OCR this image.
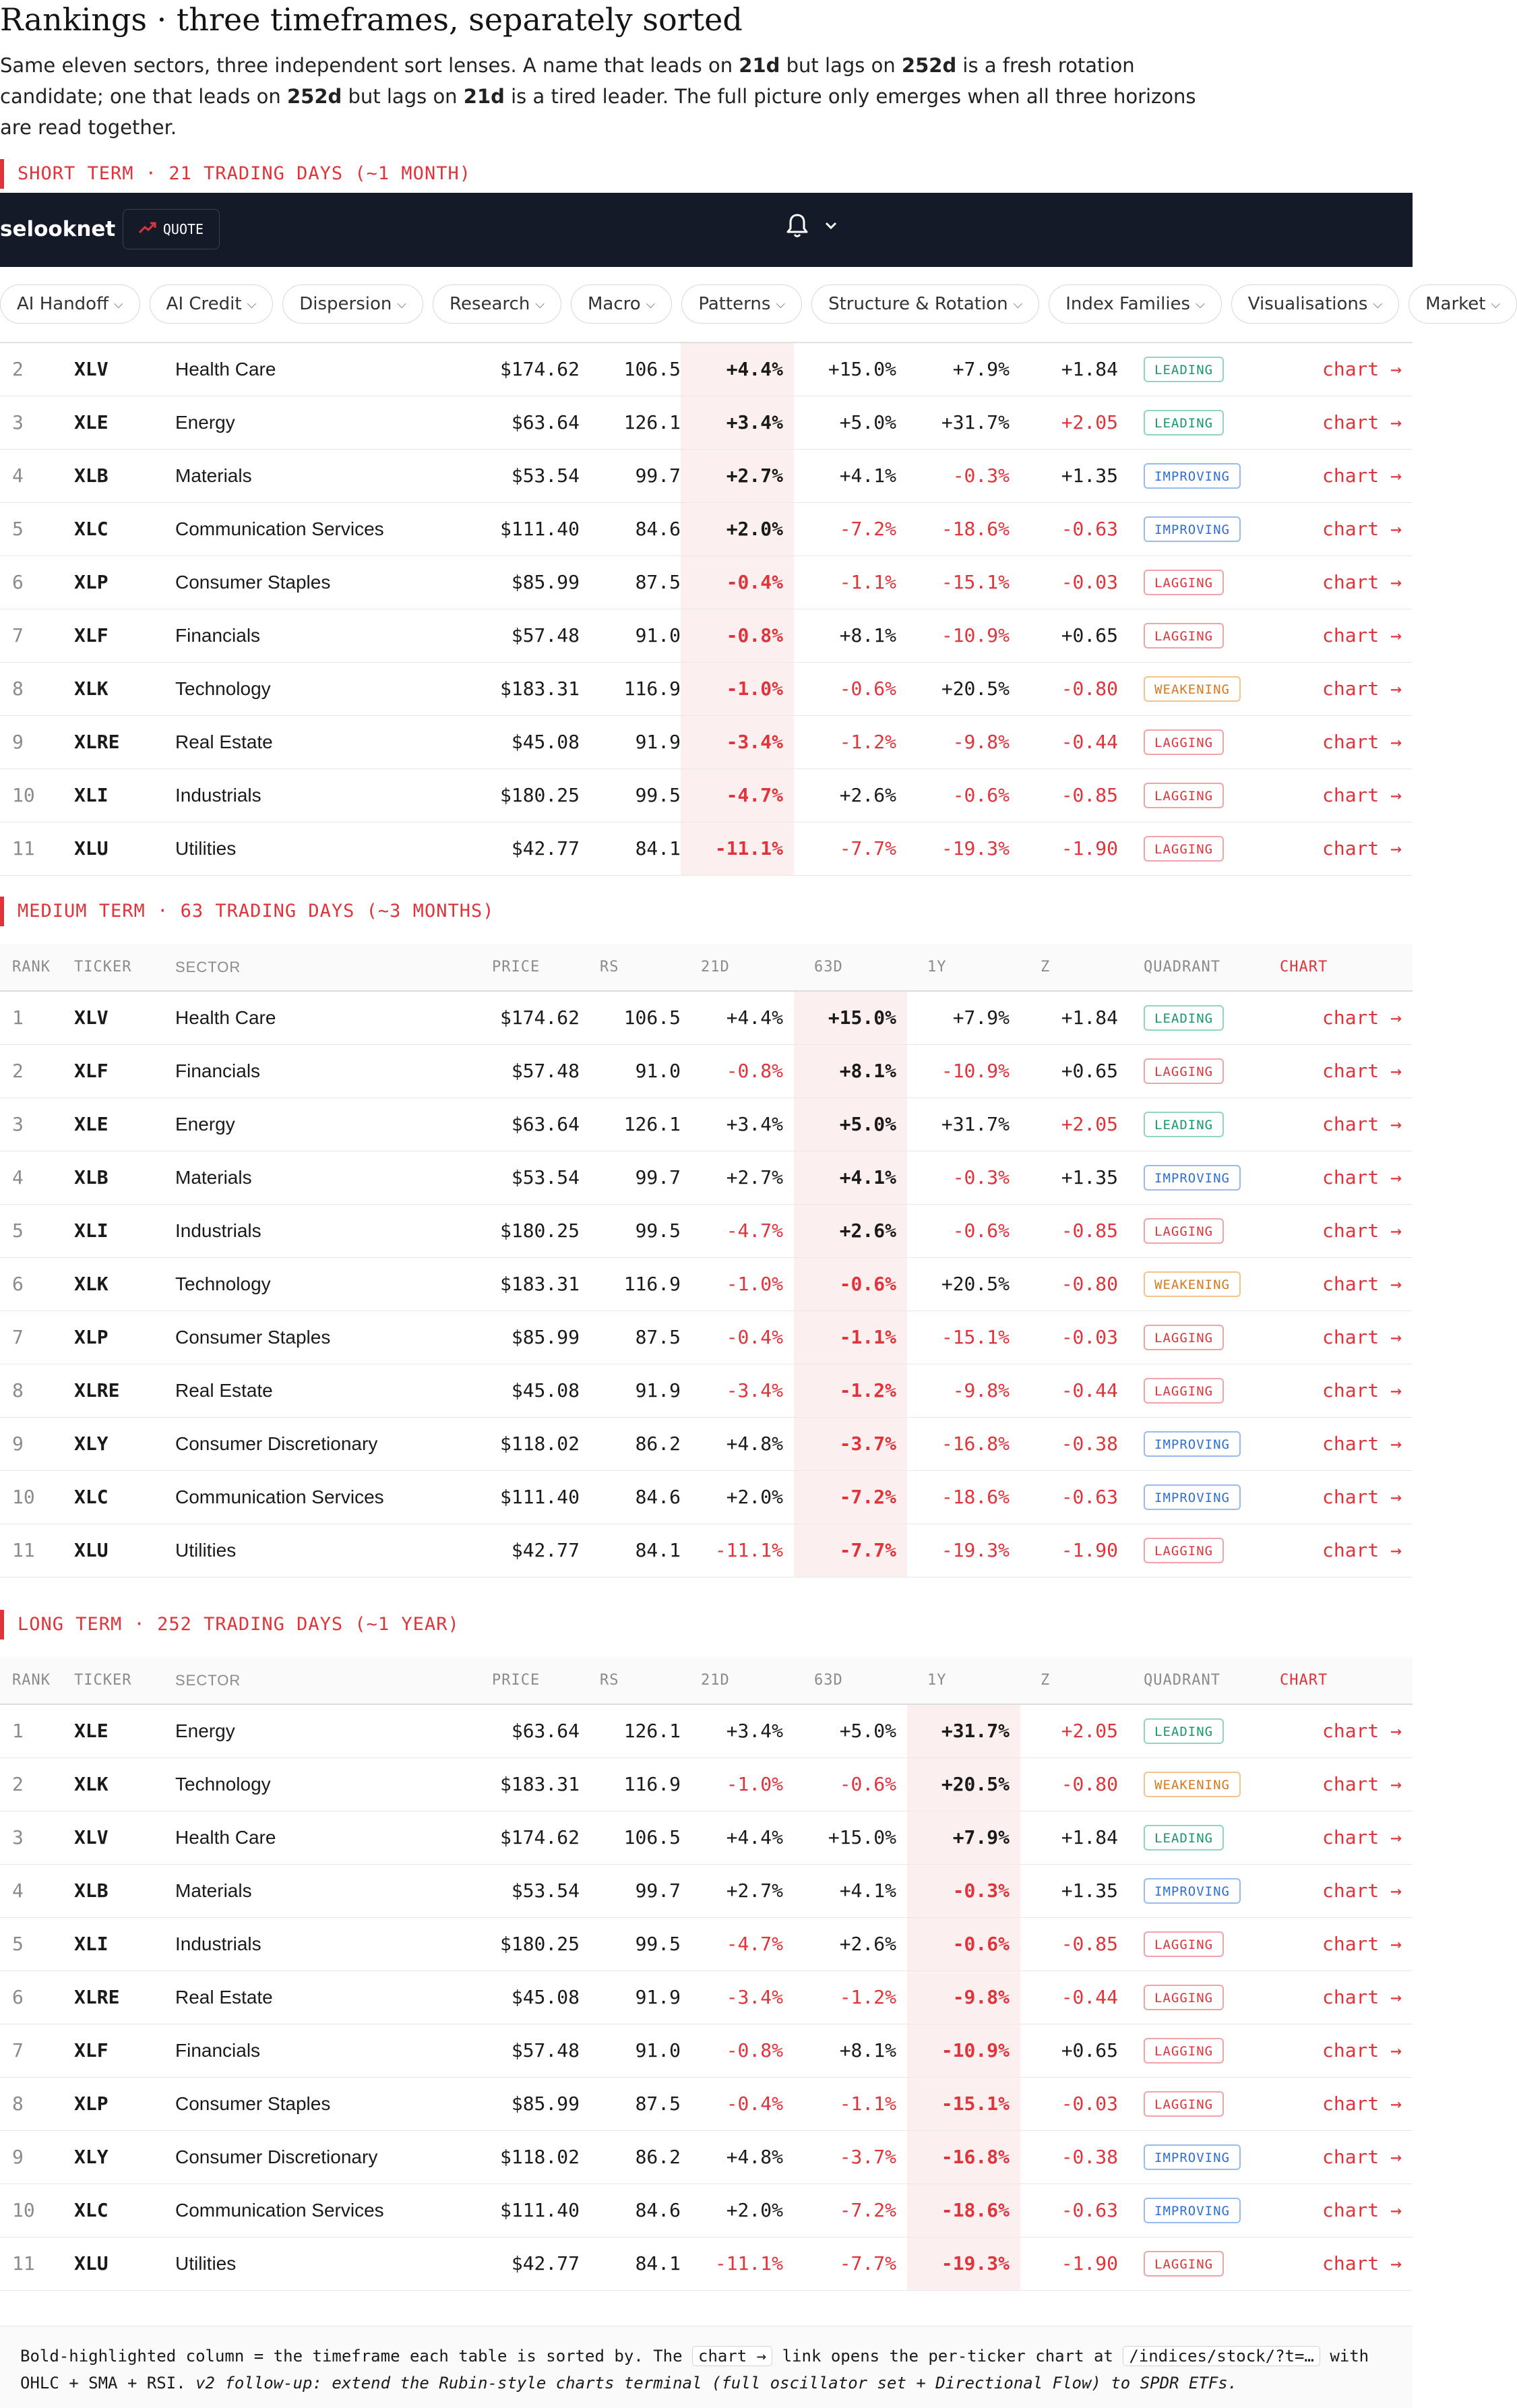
Rankings · three timeframes, separately sorted

Same eleven sectors, three independent sort lenses. A name that leads on 21d but lags on 252d is a fresh rotation candidate; one that leads on 252d but lags on 21d is a tired leader. The full picture only emerges when all three horizons are read together.

selooknet	QUOTE
AI Handoff ⌵ AI Credit ⌵ Dispersion ⌵ Research ⌵ Macro ⌵ Patterns ⌵ Structure & Rotation ⌵ Index Families ⌵ Visualisations ⌵ Market ⌵
SHORT TERM · 21 TRADING DAYS (~1 MONTH)
2	XLV	Health Care	$174.62	106.5	+4.4%	+15.0%	+7.9%	+1.84	LEADING	chart →
3	XLE	Energy	$63.64	126.1	+3.4%	+5.0%	+31.7%	+2.05	LEADING	chart →
4	XLB	Materials	$53.54	99.7	+2.7%	+4.1%	-0.3%	+1.35	IMPROVING	chart →
5	XLC	Communication Services	$111.40	84.6	+2.0%	-7.2%	-18.6%	-0.63	IMPROVING	chart →
6	XLP	Consumer Staples	$85.99	87.5	-0.4%	-1.1%	-15.1%	-0.03	LAGGING	chart →
7	XLF	Financials	$57.48	91.0	-0.8%	+8.1%	-10.9%	+0.65	LAGGING	chart →
8	XLK	Technology	$183.31	116.9	-1.0%	-0.6%	+20.5%	-0.80	WEAKENING	chart →
9	XLRE	Real Estate	$45.08	91.9	-3.4%	-1.2%	-9.8%	-0.44	LAGGING	chart →
10	XLI	Industrials	$180.25	99.5	-4.7%	+2.6%	-0.6%	-0.85	LAGGING	chart →
11	XLU	Utilities	$42.77	84.1	-11.1%	-7.7%	-19.3%	-1.90	LAGGING	chart →
MEDIUM TERM · 63 TRADING DAYS (~3 MONTHS)
RANK	TICKER	SECTOR	PRICE	RS	21D	63D	1Y	Z	QUADRANT	CHART
1	XLV	Health Care	$174.62	106.5	+4.4%	+15.0%	+7.9%	+1.84	LEADING	chart →
2	XLF	Financials	$57.48	91.0	-0.8%	+8.1%	-10.9%	+0.65	LAGGING	chart →
3	XLE	Energy	$63.64	126.1	+3.4%	+5.0%	+31.7%	+2.05	LEADING	chart →
4	XLB	Materials	$53.54	99.7	+2.7%	+4.1%	-0.3%	+1.35	IMPROVING	chart →
5	XLI	Industrials	$180.25	99.5	-4.7%	+2.6%	-0.6%	-0.85	LAGGING	chart →
6	XLK	Technology	$183.31	116.9	-1.0%	-0.6%	+20.5%	-0.80	WEAKENING	chart →
7	XLP	Consumer Staples	$85.99	87.5	-0.4%	-1.1%	-15.1%	-0.03	LAGGING	chart →
8	XLRE	Real Estate	$45.08	91.9	-3.4%	-1.2%	-9.8%	-0.44	LAGGING	chart →
9	XLY	Consumer Discretionary	$118.02	86.2	+4.8%	-3.7%	-16.8%	-0.38	IMPROVING	chart →
10	XLC	Communication Services	$111.40	84.6	+2.0%	-7.2%	-18.6%	-0.63	IMPROVING	chart →
11	XLU	Utilities	$42.77	84.1	-11.1%	-7.7%	-19.3%	-1.90	LAGGING	chart →
LONG TERM · 252 TRADING DAYS (~1 YEAR)
RANK	TICKER	SECTOR	PRICE	RS	21D	63D	1Y	Z	QUADRANT	CHART
1	XLE	Energy	$63.64	126.1	+3.4%	+5.0%	+31.7%	+2.05	LEADING	chart →
2	XLK	Technology	$183.31	116.9	-1.0%	-0.6%	+20.5%	-0.80	WEAKENING	chart →
3	XLV	Health Care	$174.62	106.5	+4.4%	+15.0%	+7.9%	+1.84	LEADING	chart →
4	XLB	Materials	$53.54	99.7	+2.7%	+4.1%	-0.3%	+1.35	IMPROVING	chart →
5	XLI	Industrials	$180.25	99.5	-4.7%	+2.6%	-0.6%	-0.85	LAGGING	chart →
6	XLRE	Real Estate	$45.08	91.9	-3.4%	-1.2%	-9.8%	-0.44	LAGGING	chart →
7	XLF	Financials	$57.48	91.0	-0.8%	+8.1%	-10.9%	+0.65	LAGGING	chart →
8	XLP	Consumer Staples	$85.99	87.5	-0.4%	-1.1%	-15.1%	-0.03	LAGGING	chart →
9	XLY	Consumer Discretionary	$118.02	86.2	+4.8%	-3.7%	-16.8%	-0.38	IMPROVING	chart →
10	XLC	Communication Services	$111.40	84.6	+2.0%	-7.2%	-18.6%	-0.63	IMPROVING	chart →
11	XLU	Utilities	$42.77	84.1	-11.1%	-7.7%	-19.3%	-1.90	LAGGING	chart →
Bold-highlighted column = the timeframe each table is sorted by. The chart → link opens the per-ticker chart at /indices/stock/?t=… with OHLC + SMA + RSI. v2 follow-up: extend the Rubin-style charts terminal (full oscillator set + Directional Flow) to SPDR ETFs.
